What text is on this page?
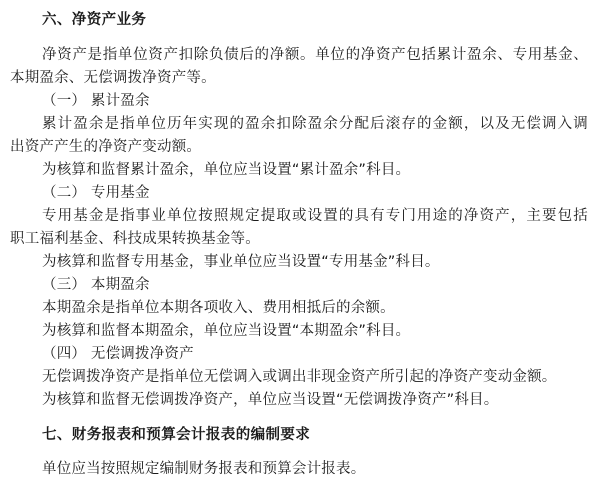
六、净资产业务
净资产是指单位资产扣除负债后的净额。单位的净资产包括累计盈余、专用基金、
本期盈余、无偿调拨净资产等。
（一） 累计盈余
累计盈余是指单位历年实现的盈余扣除盈余分配后滚存的金额，以及无偿调入调
出资产产生的净资产变动额。
为核算和监督累计盈余，单位应当设置“累计盈余”科目。
（二） 专用基金
专用基金是指事业单位按照规定提取或设置的具有专门用途的净资产，主要包括
职工福利基金、科技成果转换基金等。
为核算和监督专用基金，事业单位应当设置“专用基金”科目。
（三） 本期盈余
本期盈余是指单位本期各项收入、费用相抵后的余额。
为核算和监督本期盈余，单位应当设置“本期盈余”科目。
（四） 无偿调拨净资产
无偿调拨净资产是指单位无偿调入或调出非现金资产所引起的净资产变动金额。
为核算和监督无偿调拨净资产，单位应当设置“无偿调拨净资产”科目。
七、财务报表和预算会计报表的编制要求
单位应当按照规定编制财务报表和预算会计报表。
